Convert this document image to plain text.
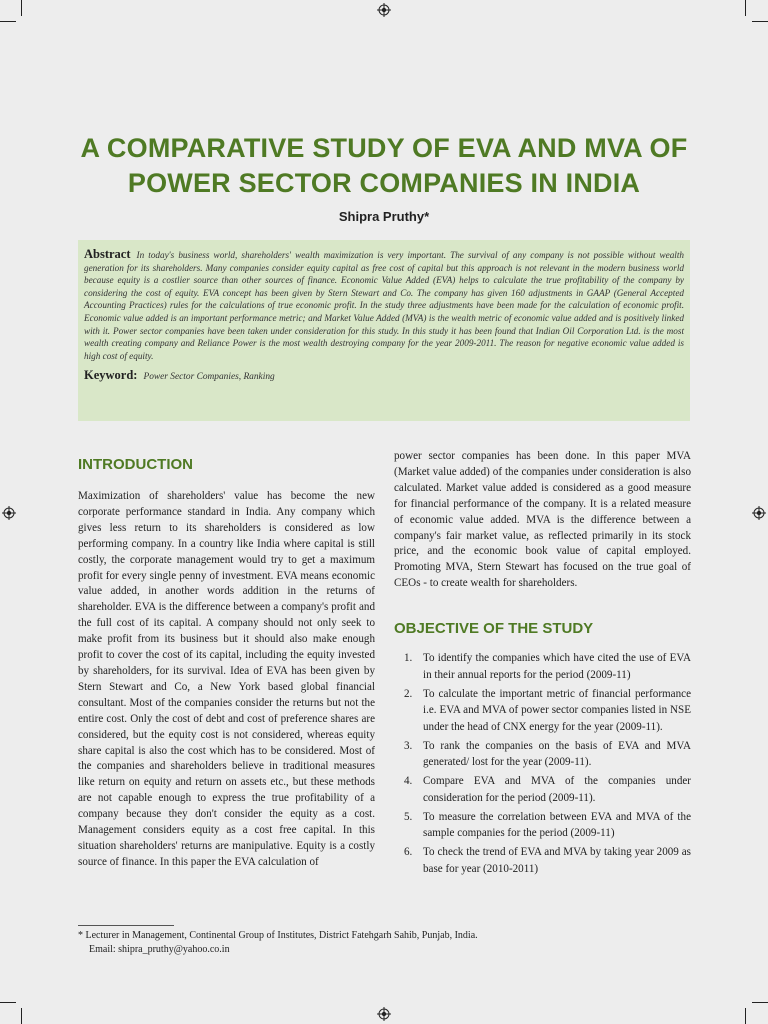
A COMPARATIVE STUDY OF EVA AND MVA OF POWER SECTOR COMPANIES IN INDIA
Shipra Pruthy*

Abstract In today's business world, shareholders' wealth maximization is very important. The survival of any company is not possible without wealth generation for its shareholders. Many companies consider equity capital as free cost of capital but this approach is not relevant in the modern business world because equity is a costlier source than other sources of finance. Economic Value Added (EVA) helps to calculate the true profitability of the company by considering the cost of equity. EVA concept has been given by Stern Stewart and Co. The company has given 160 adjustments in GAAP (General Accepted Accounting Practices) rules for the calculations of true economic profit. In the study three adjustments have been made for the calculation of economic profit. Economic value added is an important performance metric; and Market Value Added (MVA) is the wealth metric of economic value added and is positively linked with it. Power sector companies have been taken under consideration for this study. In this study it has been found that Indian Oil Corporation Ltd. is the most wealth creating company and Reliance Power is the most wealth destroying company for the year 2009-2011. The reason for negative economic value added is high cost of equity.

Keyword: Power Sector Companies, Ranking
INTRODUCTION

Maximization of shareholders' value has become the new corporate performance standard in India. Any company which gives less return to its shareholders is considered as low performing company. In a country like India where capital is still costly, the corporate management would try to get a maximum profit for every single penny of investment. EVA means economic value added, in another words addition in the returns of shareholder. EVA is the difference between a company's profit and the full cost of its capital. A company should not only seek to make profit from its business but it should also make enough profit to cover the cost of its capital, including the equity invested by shareholders, for its survival. Idea of EVA has been given by Stern Stewart and Co, a New York based global financial consultant. Most of the companies consider the returns but not the entire cost. Only the cost of debt and cost of preference shares are considered, but the equity cost is not considered, whereas equity share capital is also the cost which has to be considered. Most of the companies and shareholders believe in traditional measures like return on equity and return on assets etc., but these methods are not capable enough to express the true profitability of a company because they don't consider the equity as a cost. Management considers equity as a cost free capital. In this situation shareholders' returns are manipulative. Equity is a costly source of finance. In this paper the EVA calculation of

power sector companies has been done. In this paper MVA (Market value added) of the companies under consideration is also calculated. Market value added is considered as a good measure for financial performance of the company. It is a related measure of economic value added. MVA is the difference between a company's fair market value, as reflected primarily in its stock price, and the economic book value of capital employed. Promoting MVA, Stern Stewart has focused on the true goal of CEOs - to create wealth for shareholders.

OBJECTIVE OF THE STUDY
1. To identify the companies which have cited the use of EVA in their annual reports for the period (2009-11)
2. To calculate the important metric of financial performance i.e. EVA and MVA of power sector companies listed in NSE under the head of CNX energy for the year (2009-11).
3. To rank the companies on the basis of EVA and MVA generated/ lost for the year (2009-11).
4. Compare EVA and MVA of the companies under consideration for the period (2009-11).
5. To measure the correlation between EVA and MVA of the sample companies for the period (2009-11)
6. To check the trend of EVA and MVA by taking year 2009 as base for year (2010-2011)
* Lecturer in Management, Continental Group of Institutes, District Fatehgarh Sahib, Punjab, India.
Email: shipra_pruthy@yahoo.co.in
